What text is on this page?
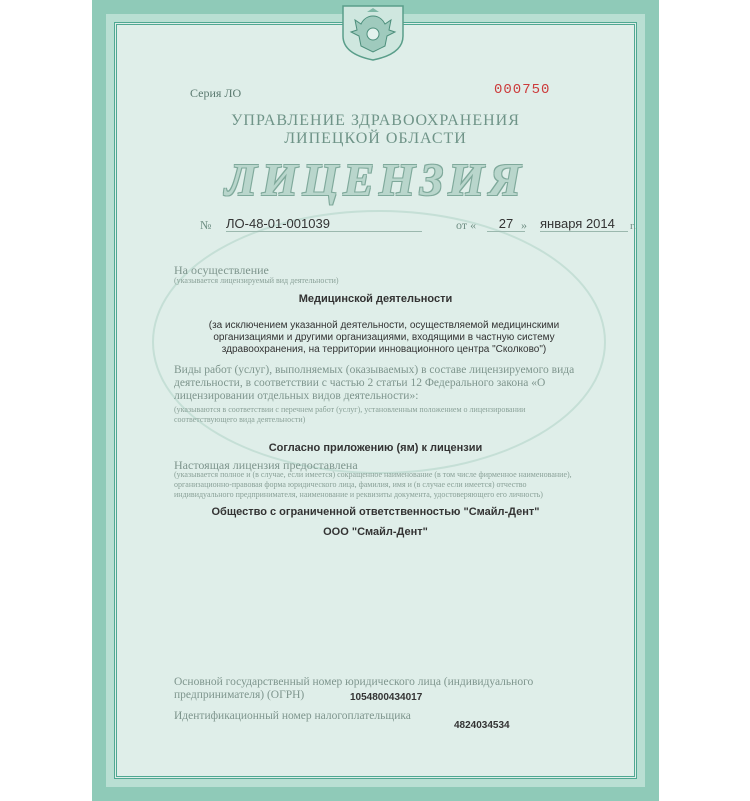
Серия ЛО	000750
УПРАВЛЕНИЕ ЗДРАВООХРАНЕНИЯ
ЛИПЕЦКОЙ ОБЛАСТИ
ЛИЦЕНЗИЯ
№ ЛО-48-01-001039	от «	27 » января 2014	г.
На осуществление
(указывается лицензируемый вид деятельности)
Медицинской деятельности
(за исключением указанной деятельности, осуществляемой медицинскими организациями и другими организациями, входящими в частную систему здравоохранения, на территории инновационного центра "Сколково")
Виды работ (услуг), выполняемых (оказываемых) в составе лицензируемого вида деятельности, в соответствии с частью 2 статьи 12 Федерального закона «О лицензировании отдельных видов деятельности»:
(указываются в соответствии с перечнем работ (услуг), установленным положением о лицензировании соответствующего вида деятельности)
Согласно приложению (ям) к лицензии
Настоящая лицензия предоставлена
(указывается полное и (в случае, если имеется) сокращенное наименование (в том числе фирменное наименование), организационно-правовая форма юридического лица, фамилия, имя и (в случае если имеется) отчество индивидуального предпринимателя, наименование и реквизиты документа, удостоверяющего его личность)
Общество с ограниченной ответственностью "Смайл-Дент"
ООО "Смайл-Дент"
Основной государственный номер юридического лица (индивидуального предпринимателя) (ОГРН)	1054800434017
Идентификационный номер налогоплательщика
4824034534
